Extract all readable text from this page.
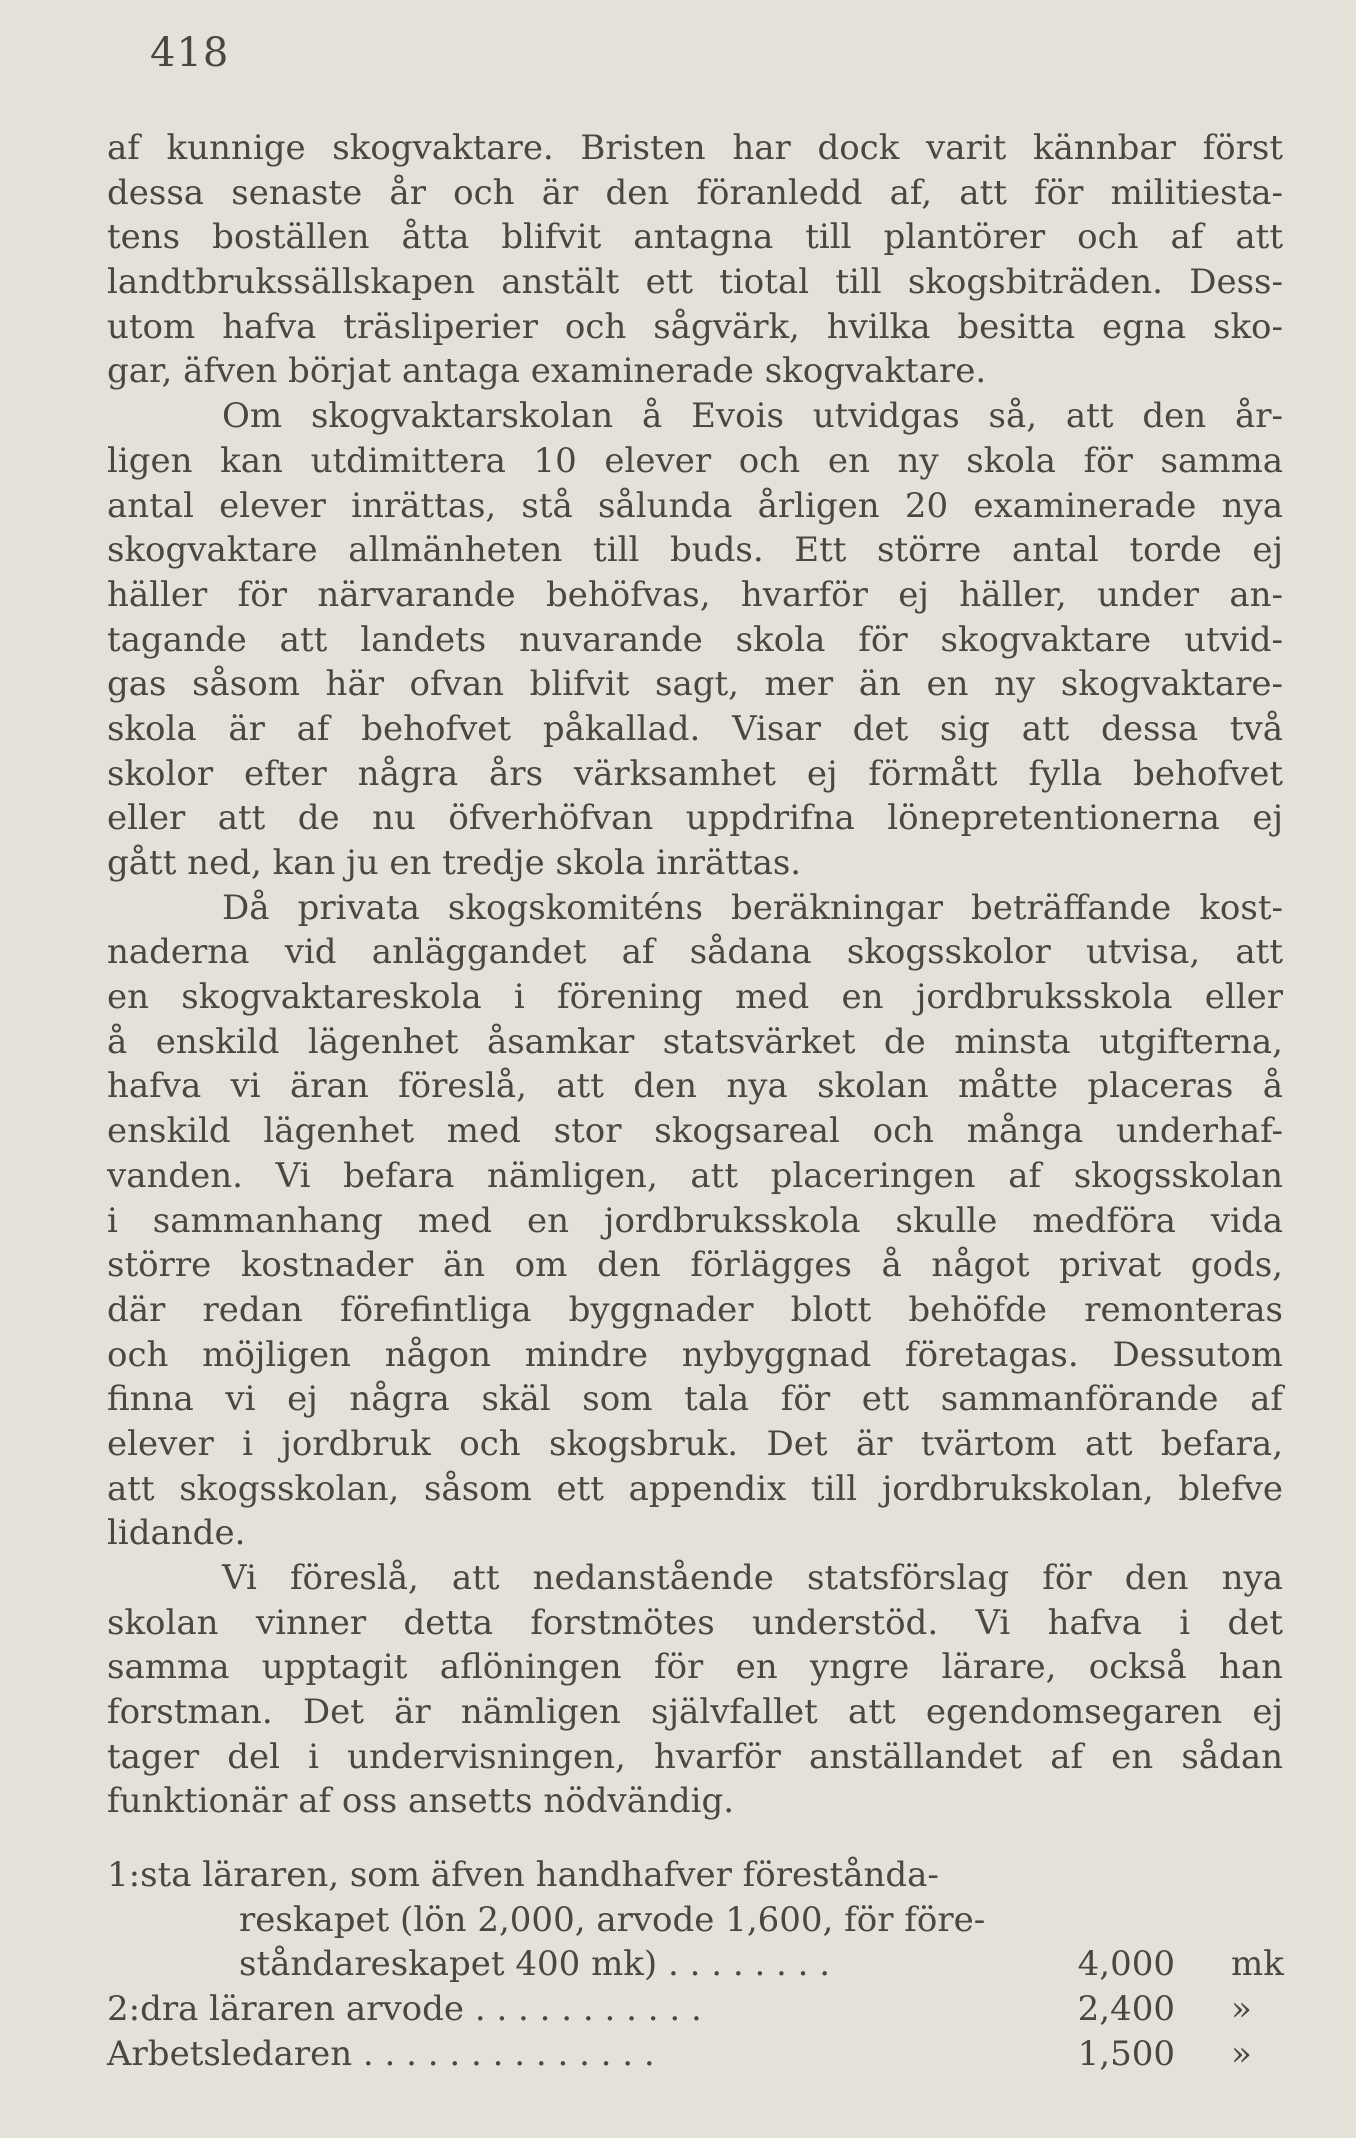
418
af kunnige skogvaktare. Bristen har dock varit kännbar först
dessa senaste år och är den föranledd af, att för militiesta-
tens boställen åtta blifvit antagna till plantörer och af att
landtbrukssällskapen anstält ett tiotal till skogsbiträden. Dess-
utom hafva träsliperier och sågvärk, hvilka besitta egna sko-
gar, äfven börjat antaga examinerade skogvaktare.
Om skogvaktarskolan å Evois utvidgas så, att den år-
ligen kan utdimittera 10 elever och en ny skola för samma
antal elever inrättas, stå sålunda årligen 20 examinerade nya
skogvaktare allmänheten till buds. Ett större antal torde ej
häller för närvarande behöfvas, hvarför ej häller, under an-
tagande att landets nuvarande skola för skogvaktare utvid-
gas såsom här ofvan blifvit sagt, mer än en ny skogvaktare-
skola är af behofvet påkallad. Visar det sig att dessa två
skolor efter några års värksamhet ej förmått fylla behofvet
eller att de nu öfverhöfvan uppdrifna lönepretentionerna ej
gått ned, kan ju en tredje skola inrättas.
Då privata skogskomiténs beräkningar beträffande kost-
naderna vid anläggandet af sådana skogsskolor utvisa, att
en skogvaktareskola i förening med en jordbruksskola eller
å enskild lägenhet åsamkar statsvärket de minsta utgifterna,
hafva vi äran föreslå, att den nya skolan måtte placeras å
enskild lägenhet med stor skogsareal och många underhaf-
vanden. Vi befara nämligen, att placeringen af skogsskolan
i sammanhang med en jordbruksskola skulle medföra vida
större kostnader än om den förlägges å något privat gods,
där redan förefintliga byggnader blott behöfde remonteras
och möjligen någon mindre nybyggnad företagas. Dessutom
finna vi ej några skäl som tala för ett sammanförande af
elever i jordbruk och skogsbruk. Det är tvärtom att befara,
att skogsskolan, såsom ett appendix till jordbrukskolan, blefve
lidande.
Vi föreslå, att nedanstående statsförslag för den nya
skolan vinner detta forstmötes understöd. Vi hafva i det
samma upptagit aflöningen för en yngre lärare, också han
forstman. Det är nämligen självfallet att egendomsegaren ej
tager del i undervisningen, hvarför anställandet af en sådan
funktionär af oss ansetts nödvändig.
1:sta läraren, som äfven handhafver förestånda-
reskapet (lön 2,000, arvode 1,600, för före-
ståndareskapet 400 mk) . . . . . . . .	4,000 mk
2:dra läraren arvode . . . . . . . . . . .	2,400 »
Arbetsledaren . . . . . . . . . . . . . .	1,500 »
